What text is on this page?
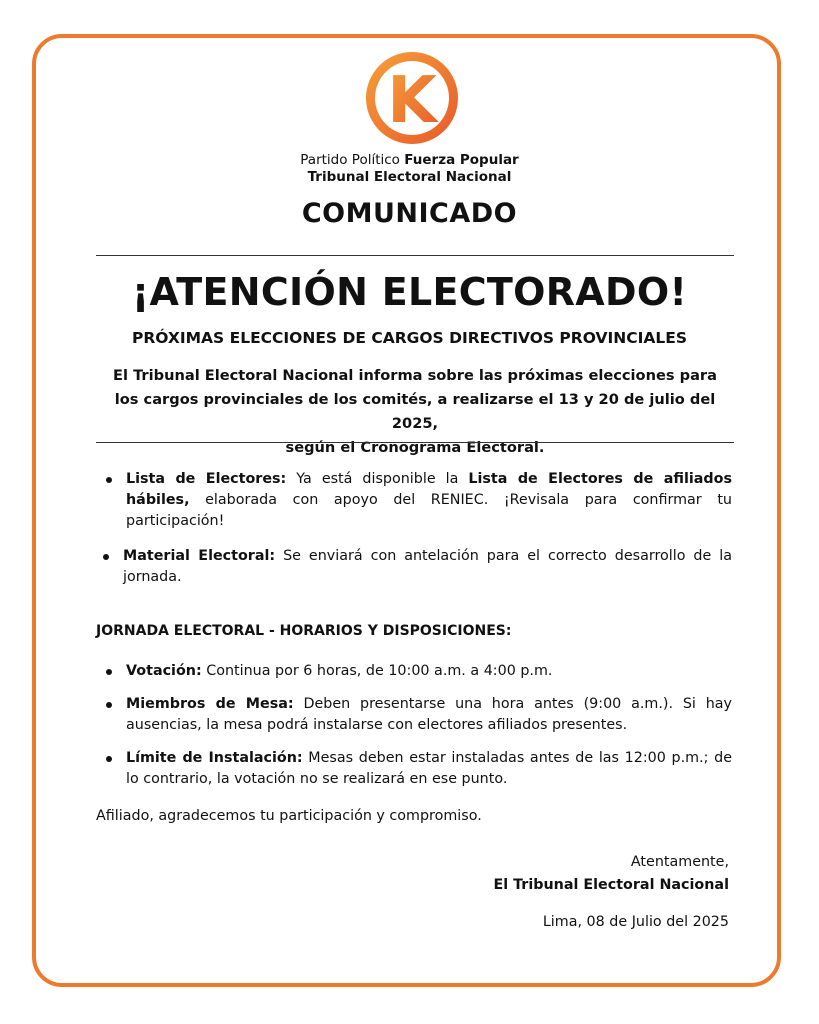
K
Partido Político Fuerza Popular
Tribunal Electoral Nacional
COMUNICADO
¡ATENCIÓN ELECTORADO!
PRÓXIMAS ELECCIONES DE CARGOS DIRECTIVOS PROVINCIALES
El Tribunal Electoral Nacional informa sobre las próximas elecciones para
los cargos provinciales de los comités, a realizarse el 13 y 20 de julio del 2025,
según el Cronograma Electoral.
Lista de Electores: Ya está disponible la Lista de Electores de afiliados hábiles, elaborada con apoyo del RENIEC. ¡Revisala para confirmar tu participación!
Material Electoral: Se enviará con antelación para el correcto desarrollo de la jornada.
JORNADA ELECTORAL - HORARIOS Y DISPOSICIONES:
Votación: Continua por 6 horas, de 10:00 a.m. a 4:00 p.m.
Miembros de Mesa: Deben presentarse una hora antes (9:00 a.m.). Si hay ausencias, la mesa podrá instalarse con electores afiliados presentes.
Límite de Instalación: Mesas deben estar instaladas antes de las 12:00 p.m.; de lo contrario, la votación no se realizará en ese punto.
Afiliado, agradecemos tu participación y compromiso.
Atentamente,
El Tribunal Electoral Nacional
Lima, 08 de Julio del 2025
